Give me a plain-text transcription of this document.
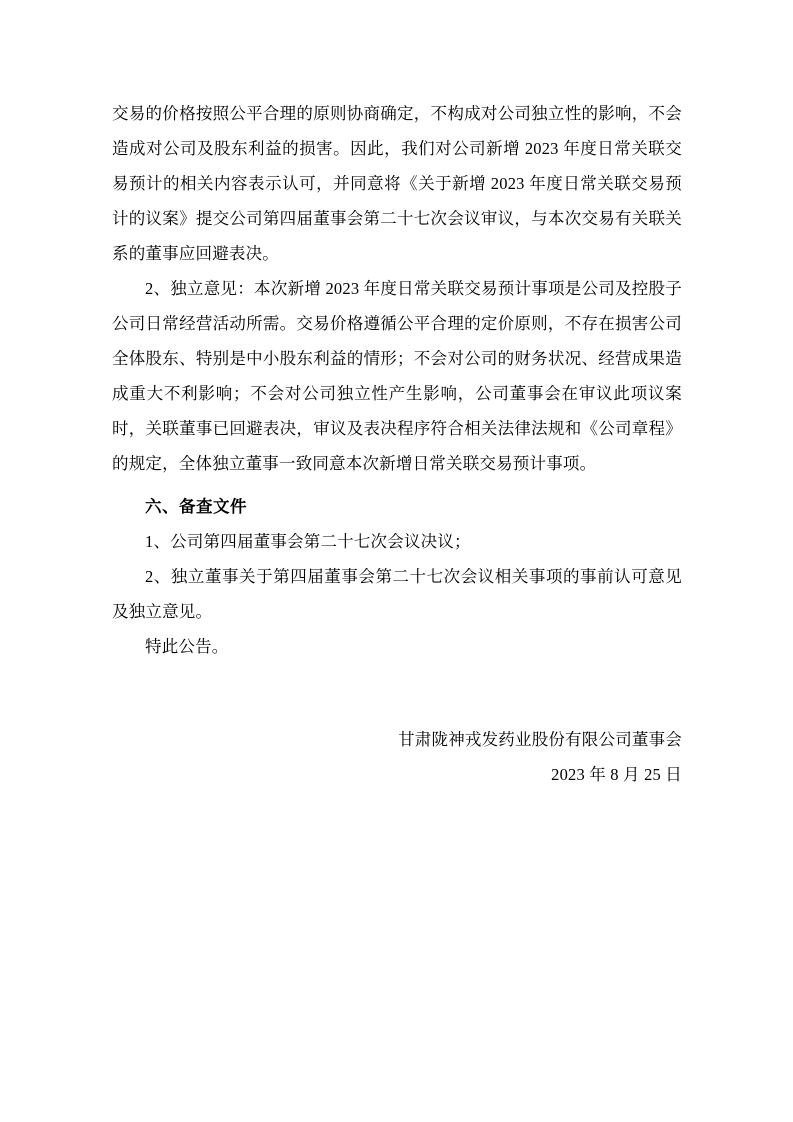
交易的价格按照公平合理的原则协商确定，不构成对公司独立性的影响，不会造成对公司及股东利益的损害。因此，我们对公司新增 2023 年度日常关联交易预计的相关内容表示认可，并同意将《关于新增 2023 年度日常关联交易预计的议案》提交公司第四届董事会第二十七次会议审议，与本次交易有关联关系的董事应回避表决。

2、独立意见：本次新增 2023 年度日常关联交易预计事项是公司及控股子公司日常经营活动所需。交易价格遵循公平合理的定价原则，不存在损害公司全体股东、特别是中小股东利益的情形；不会对公司的财务状况、经营成果造成重大不利影响；不会对公司独立性产生影响，公司董事会在审议此项议案时，关联董事已回避表决，审议及表决程序符合相关法律法规和《公司章程》的规定，全体独立董事一致同意本次新增日常关联交易预计事项。

六、备查文件

1、公司第四届董事会第二十七次会议决议；

2、独立董事关于第四届董事会第二十七次会议相关事项的事前认可意见及独立意见。

特此公告。

甘肃陇神戎发药业股份有限公司董事会
2023 年 8 月 25 日
